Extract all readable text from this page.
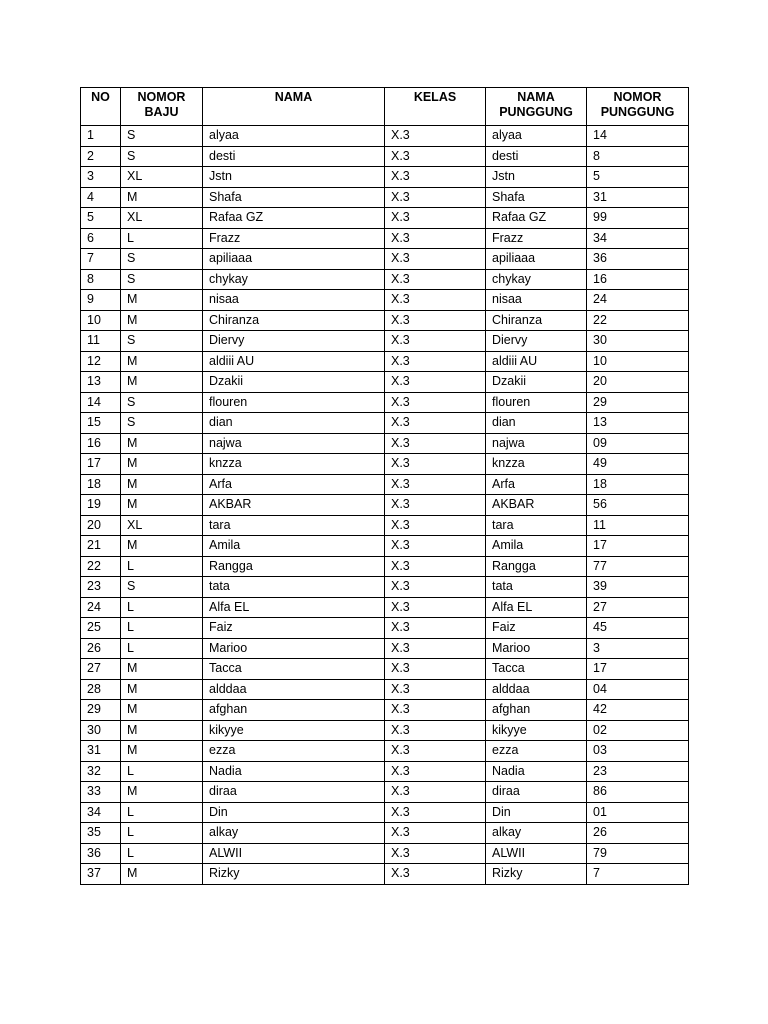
NO	NOMOR BAJU	NAMA	KELAS	NAMA PUNGGUNG	NOMOR PUNGGUNG
1	S	alyaa	X.3	alyaa	14
2	S	desti	X.3	desti	8
3	XL	Jstn	X.3	Jstn	5
4	M	Shafa	X.3	Shafa	31
5	XL	Rafaa GZ	X.3	Rafaa GZ	99
6	L	Frazz	X.3	Frazz	34
7	S	apiliaaa	X.3	apiliaaa	36
8	S	chykay	X.3	chykay	16
9	M	nisaa	X.3	nisaa	24
10	M	Chiranza	X.3	Chiranza	22
11	S	Diervy	X.3	Diervy	30
12	M	aldiii AU	X.3	aldiii AU	10
13	M	Dzakii	X.3	Dzakii	20
14	S	flouren	X.3	flouren	29
15	S	dian	X.3	dian	13
16	M	najwa	X.3	najwa	09
17	M	knzza	X.3	knzza	49
18	M	Arfa	X.3	Arfa	18
19	M	AKBAR	X.3	AKBAR	56
20	XL	tara	X.3	tara	11
21	M	Amila	X.3	Amila	17
22	L	Rangga	X.3	Rangga	77
23	S	tata	X.3	tata	39
24	L	Alfa EL	X.3	Alfa EL	27
25	L	Faiz	X.3	Faiz	45
26	L	Marioo	X.3	Marioo	3
27	M	Tacca	X.3	Tacca	17
28	M	alddaa	X.3	alddaa	04
29	M	afghan	X.3	afghan	42
30	M	kikyye	X.3	kikyye	02
31	M	ezza	X.3	ezza	03
32	L	Nadia	X.3	Nadia	23
33	M	diraa	X.3	diraa	86
34	L	Din	X.3	Din	01
35	L	alkay	X.3	alkay	26
36	L	ALWII	X.3	ALWII	79
37	M	Rizky	X.3	Rizky	7
